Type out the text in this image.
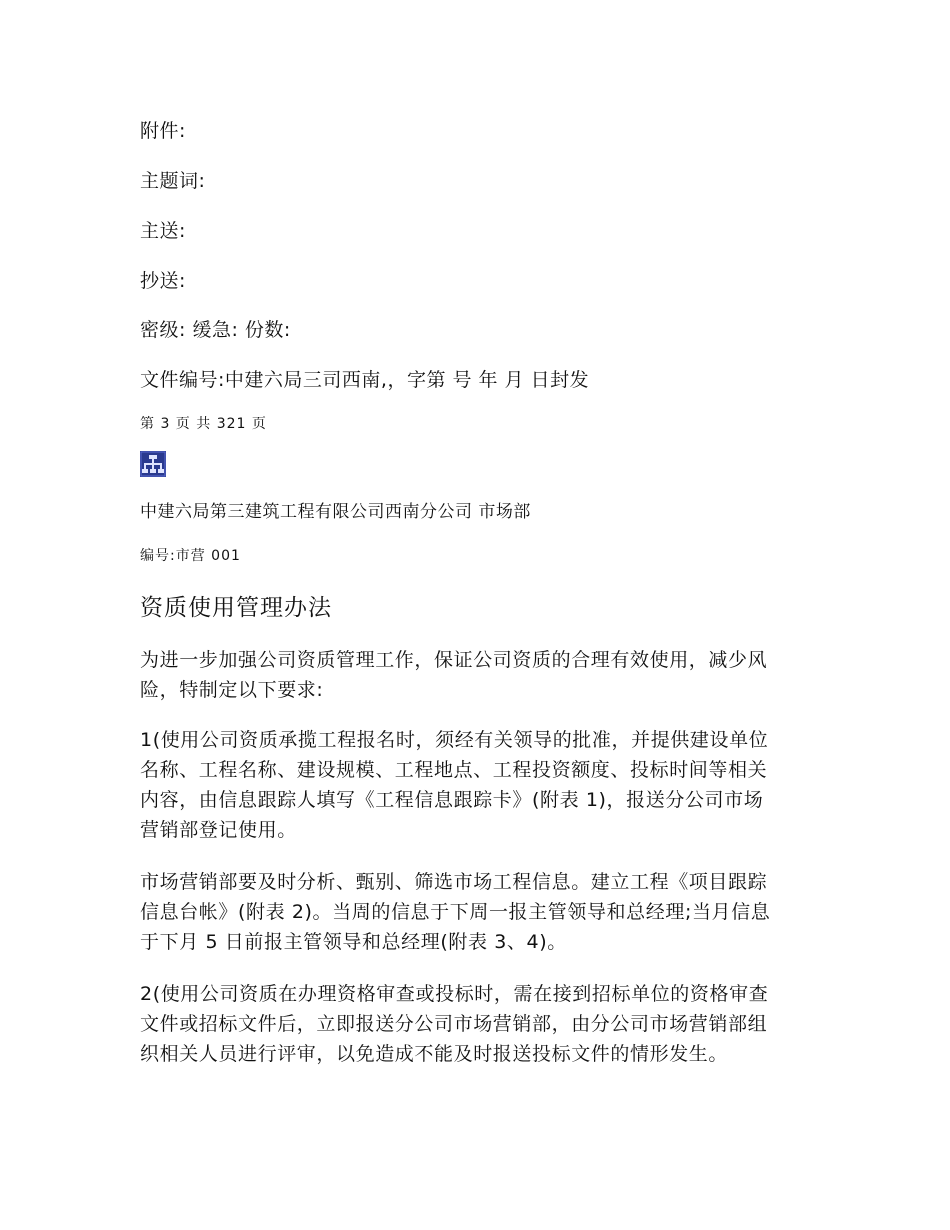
附件:
主题词:
主送:
抄送:
密级: 缓急: 份数:
文件编号:中建六局三司西南,，字第 号 年 月 日封发
第 3 页 共 321 页
中建六局第三建筑工程有限公司西南分公司 市场部
编号:市营 001
资质使用管理办法
为进一步加强公司资质管理工作，保证公司资质的合理有效使用，减少风
险，特制定以下要求:
1(使用公司资质承揽工程报名时，须经有关领导的批准，并提供建设单位
名称、工程名称、建设规模、工程地点、工程投资额度、投标时间等相关
内容，由信息跟踪人填写《工程信息跟踪卡》(附表 1)，报送分公司市场
营销部登记使用。
市场营销部要及时分析、甄别、筛选市场工程信息。建立工程《项目跟踪
信息台帐》(附表 2)。当周的信息于下周一报主管领导和总经理;当月信息
于下月 5 日前报主管领导和总经理(附表 3、4)。
2(使用公司资质在办理资格审查或投标时，需在接到招标单位的资格审查
文件或招标文件后，立即报送分公司市场营销部，由分公司市场营销部组
织相关人员进行评审，以免造成不能及时报送投标文件的情形发生。
